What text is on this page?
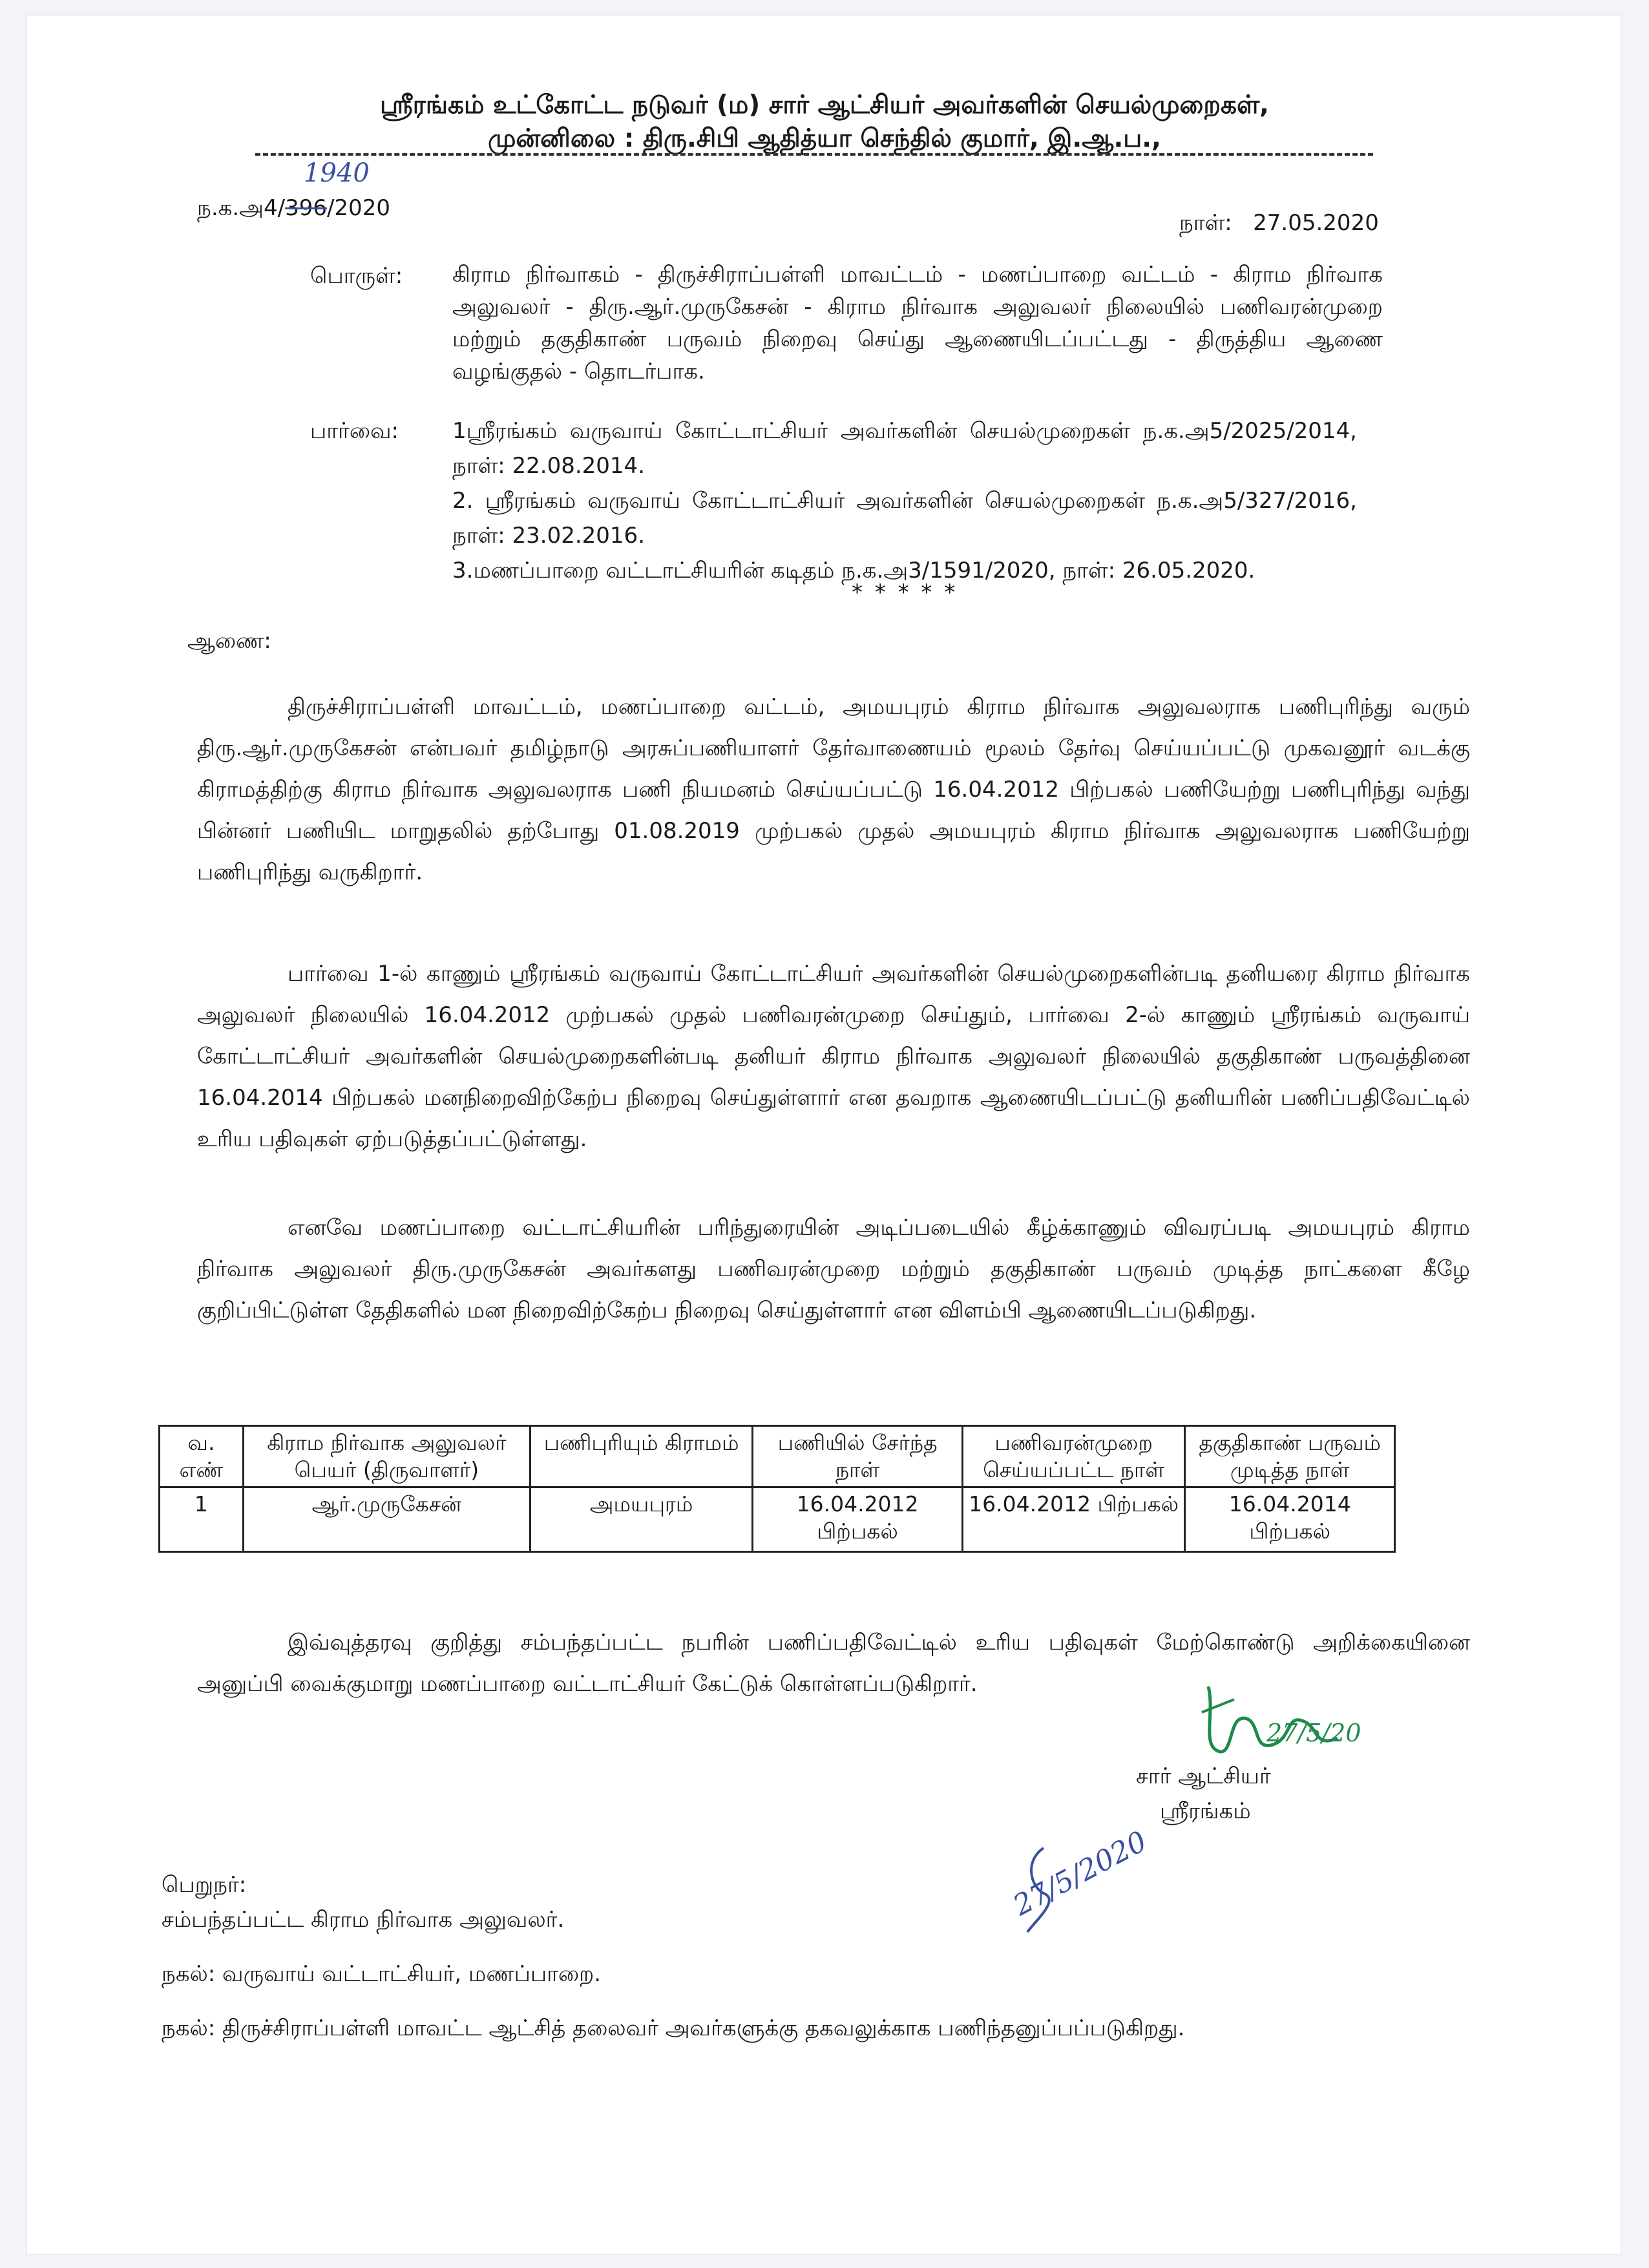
ஸ்ரீரங்கம் உட்கோட்ட நடுவர் (ம) சார் ஆட்சியர் அவர்களின் செயல்முறைகள்,
முன்னிலை : திரு.சிபி ஆதித்யா செந்தில் குமார், இ.ஆ.ப.,
ந.க.அ4/396/2020
1940
நாள்: 27.05.2020
பொருள்: கிராம நிர்வாகம் - திருச்சிராப்பள்ளி மாவட்டம் - மணப்பாறை வட்டம் - கிராம நிர்வாக அலுவலர் - திரு.ஆர்.முருகேசன் - கிராம நிர்வாக அலுவலர் நிலையில் பணிவரன்முறை மற்றும் தகுதிகாண் பருவம் நிறைவு செய்து ஆணையிடப்பட்டது - திருத்திய ஆணை வழங்குதல் - தொடர்பாக.
பார்வை: 1ஸ்ரீரங்கம் வருவாய் கோட்டாட்சியர் அவர்களின் செயல்முறைகள் ந.க.அ5/2025/2014, நாள்: 22.08.2014.
2. ஸ்ரீரங்கம் வருவாய் கோட்டாட்சியர் அவர்களின் செயல்முறைகள் ந.க.அ5/327/2016, நாள்: 23.02.2016.
3.மணப்பாறை வட்டாட்சியரின் கடிதம் ந.க.அ3/1591/2020, நாள்: 26.05.2020.
* * * * *
ஆணை:
திருச்சிராப்பள்ளி மாவட்டம், மணப்பாறை வட்டம், அமயபுரம் கிராம நிர்வாக அலுவலராக பணிபுரிந்து வரும் திரு.ஆர்.முருகேசன் என்பவர் தமிழ்நாடு அரசுப்பணியாளர் தேர்வாணையம் மூலம் தேர்வு செய்யப்பட்டு முகவனூர் வடக்கு கிராமத்திற்கு கிராம நிர்வாக அலுவலராக பணி நியமனம் செய்யப்பட்டு 16.04.2012 பிற்பகல் பணியேற்று பணிபுரிந்து வந்து பின்னர் பணியிட மாறுதலில் தற்போது 01.08.2019 முற்பகல் முதல் அமயபுரம் கிராம நிர்வாக அலுவலராக பணியேற்று பணிபுரிந்து வருகிறார்.
பார்வை 1-ல் காணும் ஸ்ரீரங்கம் வருவாய் கோட்டாட்சியர் அவர்களின் செயல்முறைகளின்படி தனியரை கிராம நிர்வாக அலுவலர் நிலையில் 16.04.2012 முற்பகல் முதல் பணிவரன்முறை செய்தும், பார்வை 2-ல் காணும் ஸ்ரீரங்கம் வருவாய் கோட்டாட்சியர் அவர்களின் செயல்முறைகளின்படி தனியர் கிராம நிர்வாக அலுவலர் நிலையில் தகுதிகாண் பருவத்தினை 16.04.2014 பிற்பகல் மனநிறைவிற்கேற்ப நிறைவு செய்துள்ளார் என தவறாக ஆணையிடப்பட்டு தனியரின் பணிப்பதிவேட்டில் உரிய பதிவுகள் ஏற்படுத்தப்பட்டுள்ளது.
எனவே மணப்பாறை வட்டாட்சியரின் பரிந்துரையின் அடிப்படையில் கீழ்க்காணும் விவரப்படி அமயபுரம் கிராம நிர்வாக அலுவலர் திரு.முருகேசன் அவர்களது பணிவரன்முறை மற்றும் தகுதிகாண் பருவம் முடித்த நாட்களை கீழே குறிப்பிட்டுள்ள தேதிகளில் மன நிறைவிற்கேற்ப நிறைவு செய்துள்ளார் என விளம்பி ஆணையிடப்படுகிறது.
வ. எண்	கிராம நிர்வாக அலுவலர் பெயர் (திருவாளர்)	பணிபுரியும் கிராமம்	பணியில் சேர்ந்த நாள்	பணிவரன்முறை செய்யப்பட்ட நாள்	தகுதிகாண் பருவம் முடித்த நாள்
1	ஆர்.முருகேசன்	அமயபுரம்	16.04.2012 பிற்பகல்	16.04.2012 பிற்பகல்	16.04.2014 பிற்பகல்
இவ்வுத்தரவு குறித்து சம்பந்தப்பட்ட நபரின் பணிப்பதிவேட்டில் உரிய பதிவுகள் மேற்கொண்டு அறிக்கையினை அனுப்பி வைக்குமாறு மணப்பாறை வட்டாட்சியர் கேட்டுக் கொள்ளப்படுகிறார்.
27/5/20
சார் ஆட்சியர்
ஸ்ரீரங்கம்
பெறுநர்:
சம்பந்தப்பட்ட கிராம நிர்வாக அலுவலர்.
நகல்: வருவாய் வட்டாட்சியர், மணப்பாறை.
நகல்: திருச்சிராப்பள்ளி மாவட்ட ஆட்சித் தலைவர் அவர்களுக்கு தகவலுக்காக பணிந்தனுப்பப்படுகிறது.
27/5/2020
